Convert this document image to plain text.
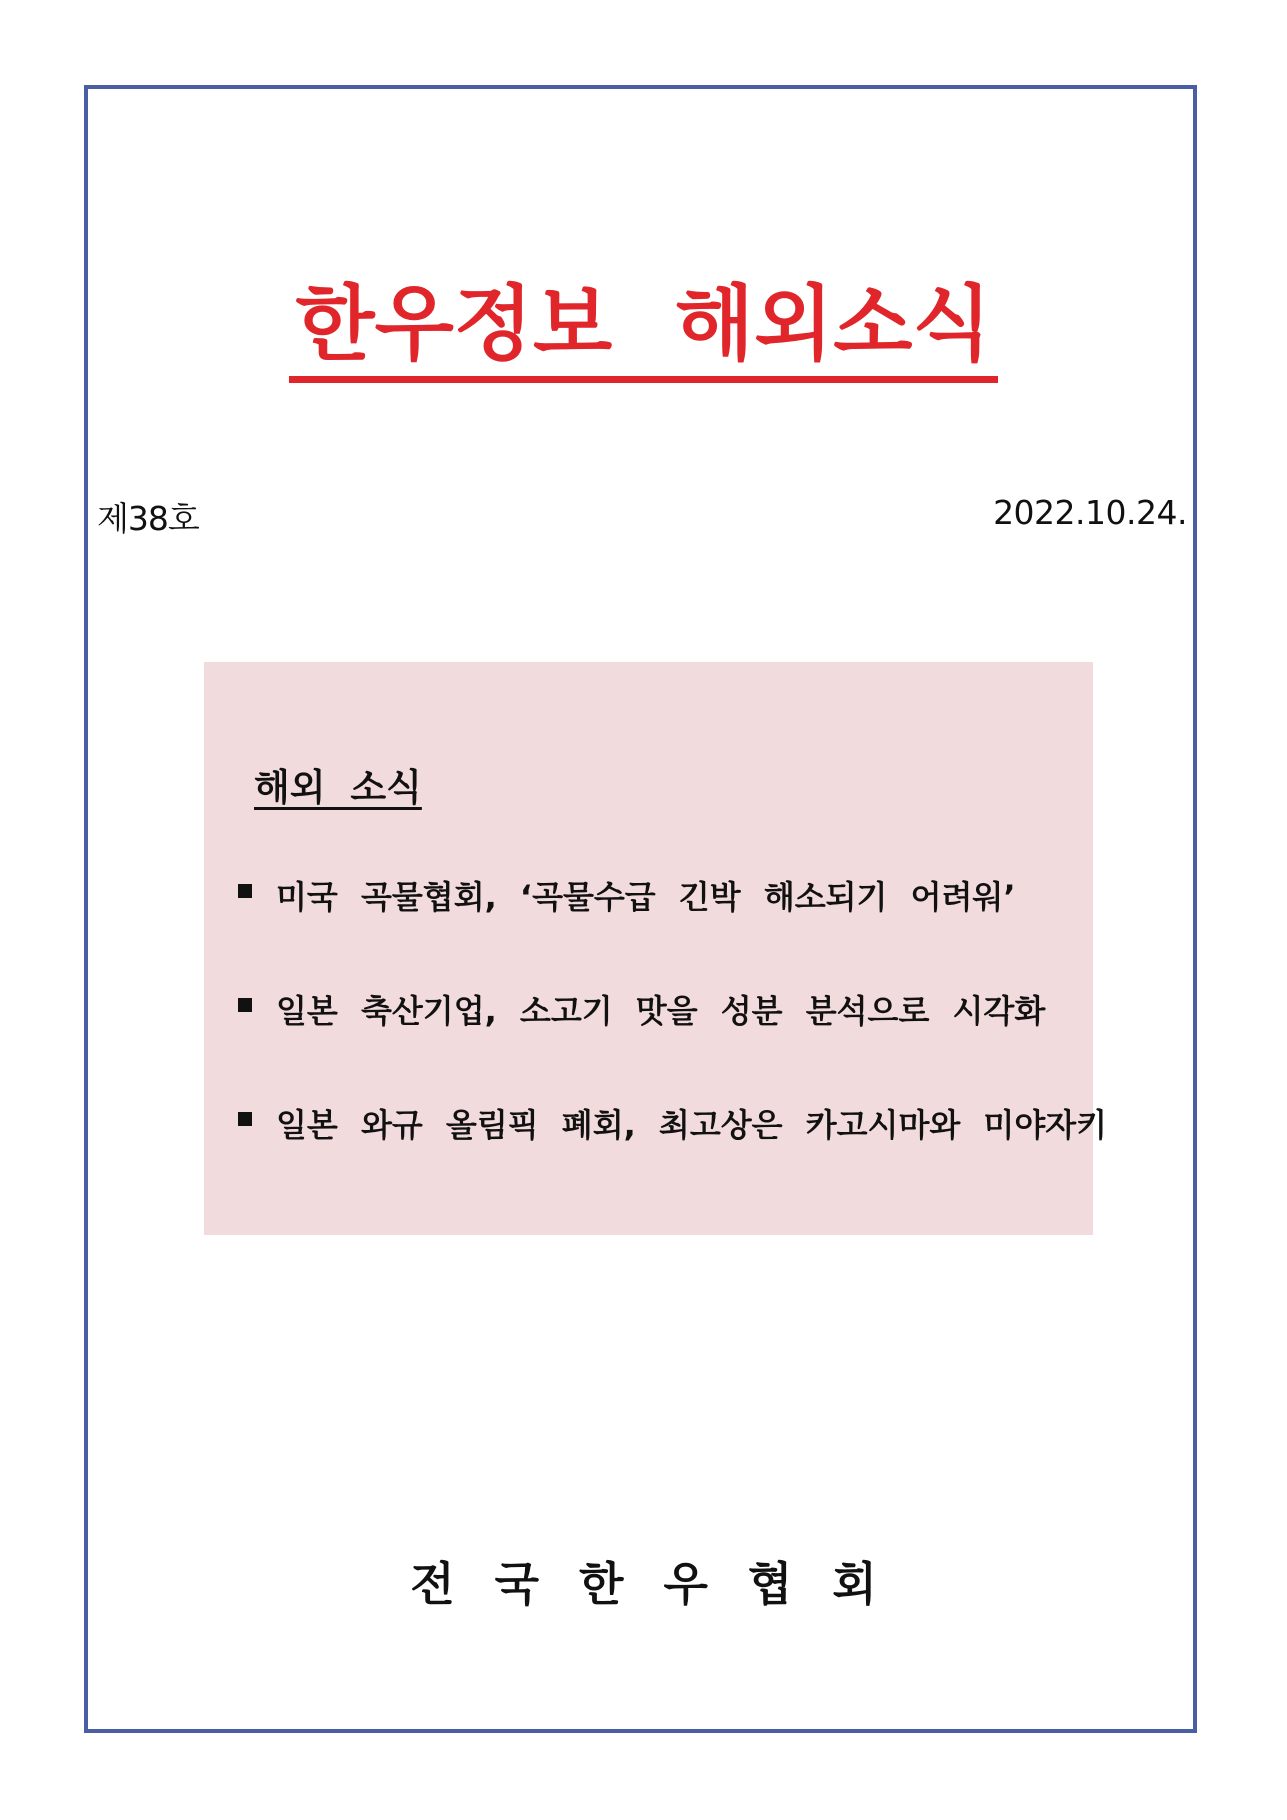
한우정보 해외소식
제38호	2022.10.24.
해외 소식
미국 곡물협회, ‘곡물수급 긴박 해소되기 어려워’
일본 축산기업, 소고기 맛을 성분 분석으로 시각화
일본 와규 올림픽 폐회, 최고상은 카고시마와 미야자키
전국한우협회
